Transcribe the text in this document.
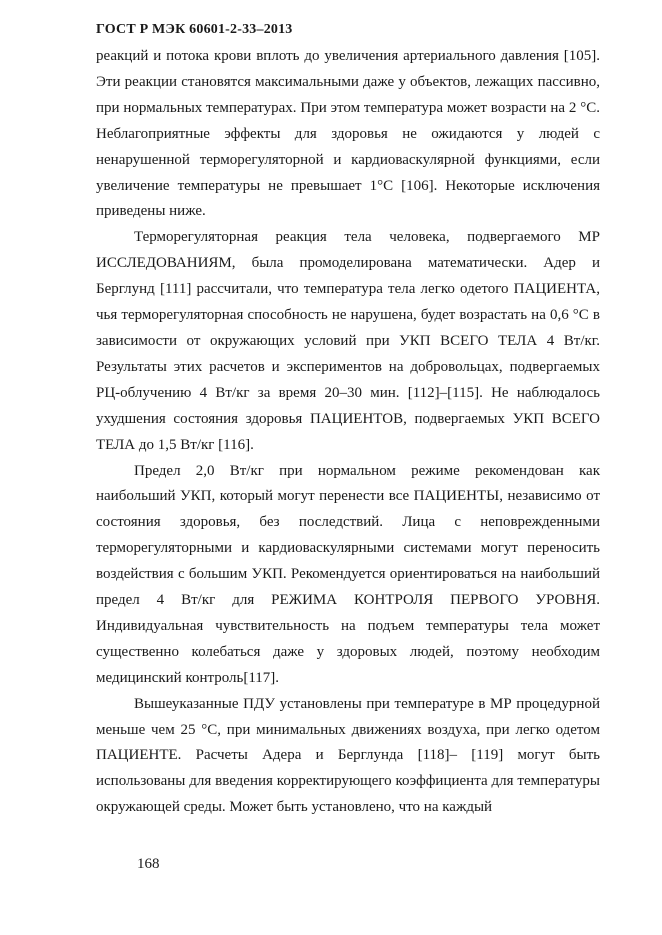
ГОСТ Р МЭК 60601-2-33–2013

реакций и потока крови вплоть до увеличения артериального давления [105]. Эти реакции становятся максимальными даже у объектов, лежащих пассивно, при нормальных температурах. При этом температура может возрасти на 2 °С. Неблагоприятные эффекты для здоровья не ожидаются у людей с ненарушенной терморегуляторной и кардиоваскулярной функциями, если увеличение температуры не превышает 1°С [106]. Некоторые исключения приведены ниже.

Терморегуляторная реакция тела человека, подвергаемого МР ИССЛЕДОВАНИЯМ, была промоделирована математически. Адер и Берглунд [111] рассчитали, что температура тела легко одетого ПАЦИЕНТА, чья терморегуляторная способность не нарушена, будет возрастать на 0,6 °С в зависимости от окружающих условий при УКП ВСЕГО ТЕЛА 4 Вт/кг. Результаты этих расчетов и экспериментов на добровольцах, подвергаемых РЦ-облучению 4 Вт/кг за время 20–30 мин. [112]–[115]. Не наблюдалось ухудшения состояния здоровья ПАЦИЕНТОВ, подвергаемых УКП ВСЕГО ТЕЛА до 1,5 Вт/кг [116].

Предел 2,0 Вт/кг при нормальном режиме рекомендован как наибольший УКП, который могут перенести все ПАЦИЕНТЫ, независимо от состояния здоровья, без последствий. Лица с неповрежденными терморегуляторными и кардиоваскулярными системами могут переносить воздействия с большим УКП. Рекомендуется ориентироваться на наибольший предел 4 Вт/кг для РЕЖИМА КОНТРОЛЯ ПЕРВОГО УРОВНЯ. Индивидуальная чувствительность на подъем температуры тела может существенно колебаться даже у здоровых людей, поэтому необходим медицинский контроль[117].

Вышеуказанные ПДУ установлены при температуре в МР процедурной меньше чем 25 °С, при минимальных движениях воздуха, при легко одетом ПАЦИЕНТЕ. Расчеты Адера и Берглунда [118]– [119] могут быть использованы для введения корректирующего коэффициента для температуры окружающей среды. Может быть установлено, что на каждый

168
